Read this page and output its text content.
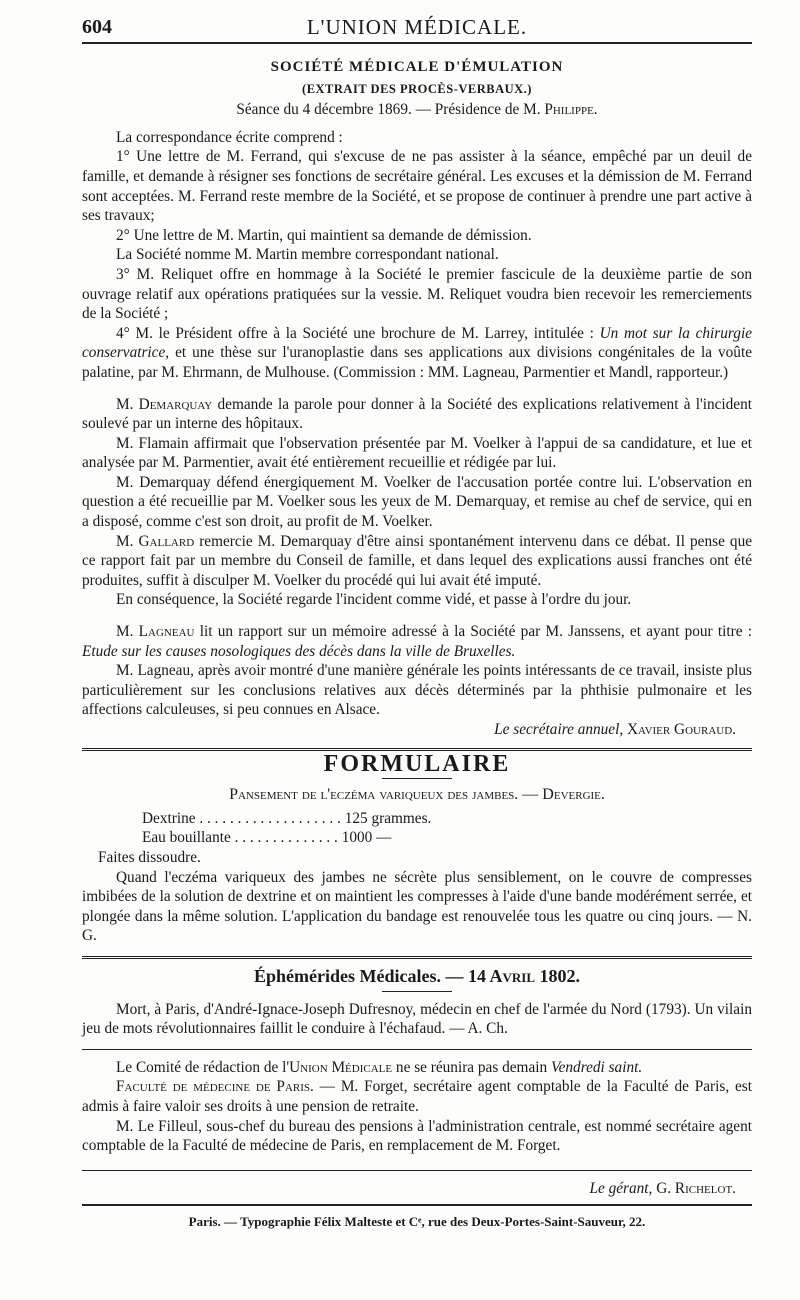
604	L'UNION MÉDICALE.
SOCIÉTÉ MÉDICALE D'ÉMULATION
(EXTRAIT DES PROCÈS-VERBAUX.)
Séance du 4 décembre 1869. — Présidence de M. Philippe.

La correspondance écrite comprend :

1° Une lettre de M. Ferrand, qui s'excuse de ne pas assister à la séance, empêché par un deuil de famille, et demande à résigner ses fonctions de secrétaire général. Les excuses et la démission de M. Ferrand sont acceptées. M. Ferrand reste membre de la Société, et se propose de continuer à prendre une part active à ses travaux;

2° Une lettre de M. Martin, qui maintient sa demande de démission.

La Société nomme M. Martin membre correspondant national.

3° M. Reliquet offre en hommage à la Société le premier fascicule de la deuxième partie de son ouvrage relatif aux opérations pratiquées sur la vessie. M. Reliquet voudra bien recevoir les remerciements de la Société ;

4° M. le Président offre à la Société une brochure de M. Larrey, intitulée : Un mot sur la chirurgie conservatrice, et une thèse sur l'uranoplastie dans ses applications aux divisions congénitales de la voûte palatine, par M. Ehrmann, de Mulhouse. (Commission : MM. Lagneau, Parmentier et Mandl, rapporteur.)

M. Demarquay demande la parole pour donner à la Société des explications relativement à l'incident soulevé par un interne des hôpitaux.

M. Flamain affirmait que l'observation présentée par M. Voelker à l'appui de sa candidature, et lue et analysée par M. Parmentier, avait été entièrement recueillie et rédigée par lui.

M. Demarquay défend énergiquement M. Voelker de l'accusation portée contre lui. L'observation en question a été recueillie par M. Voelker sous les yeux de M. Demarquay, et remise au chef de service, qui en a disposé, comme c'est son droit, au profit de M. Voelker.

M. Gallard remercie M. Demarquay d'être ainsi spontanément intervenu dans ce débat. Il pense que ce rapport fait par un membre du Conseil de famille, et dans lequel des explications aussi franches ont été produites, suffit à disculper M. Voelker du procédé qui lui avait été imputé.

En conséquence, la Société regarde l'incident comme vidé, et passe à l'ordre du jour.

M. Lagneau lit un rapport sur un mémoire adressé à la Société par M. Janssens, et ayant pour titre : Etude sur les causes nosologiques des décès dans la ville de Bruxelles.

M. Lagneau, après avoir montré d'une manière générale les points intéressants de ce travail, insiste plus particulièrement sur les conclusions relatives aux décès déterminés par la phthisie pulmonaire et les affections calculeuses, si peu connues en Alsace.

Le secrétaire annuel, Xavier Gouraud.
FORMULAIRE
Pansement de l'eczéma variqueux des jambes. — Devergie.
Dextrine . . . . . . . . . . . . . . . . . . . 125 grammes.
Eau bouillante . . . . . . . . . . . . . . 1000 —

Faites dissoudre.

Quand l'eczéma variqueux des jambes ne sécrète plus sensiblement, on le couvre de compresses imbibées de la solution de dextrine et on maintient les compresses à l'aide d'une bande modérément serrée, et plongée dans la même solution. L'application du bandage est renouvelée tous les quatre ou cinq jours. — N. G.

Éphémérides Médicales. — 14 Avril 1802.

Mort, à Paris, d'André-Ignace-Joseph Dufresnoy, médecin en chef de l'armée du Nord (1793). Un vilain jeu de mots révolutionnaires faillit le conduire à l'échafaud. — A. Ch.

Le Comité de rédaction de l'Union Médicale ne se réunira pas demain Vendredi saint.

Faculté de médecine de Paris. — M. Forget, secrétaire agent comptable de la Faculté de Paris, est admis à faire valoir ses droits à une pension de retraite.

M. Le Filleul, sous-chef du bureau des pensions à l'administration centrale, est nommé secrétaire agent comptable de la Faculté de médecine de Paris, en remplacement de M. Forget.

Le gérant, G. Richelot.
Paris. — Typographie Félix Malteste et Cᵉ, rue des Deux-Portes-Saint-Sauveur, 22.
